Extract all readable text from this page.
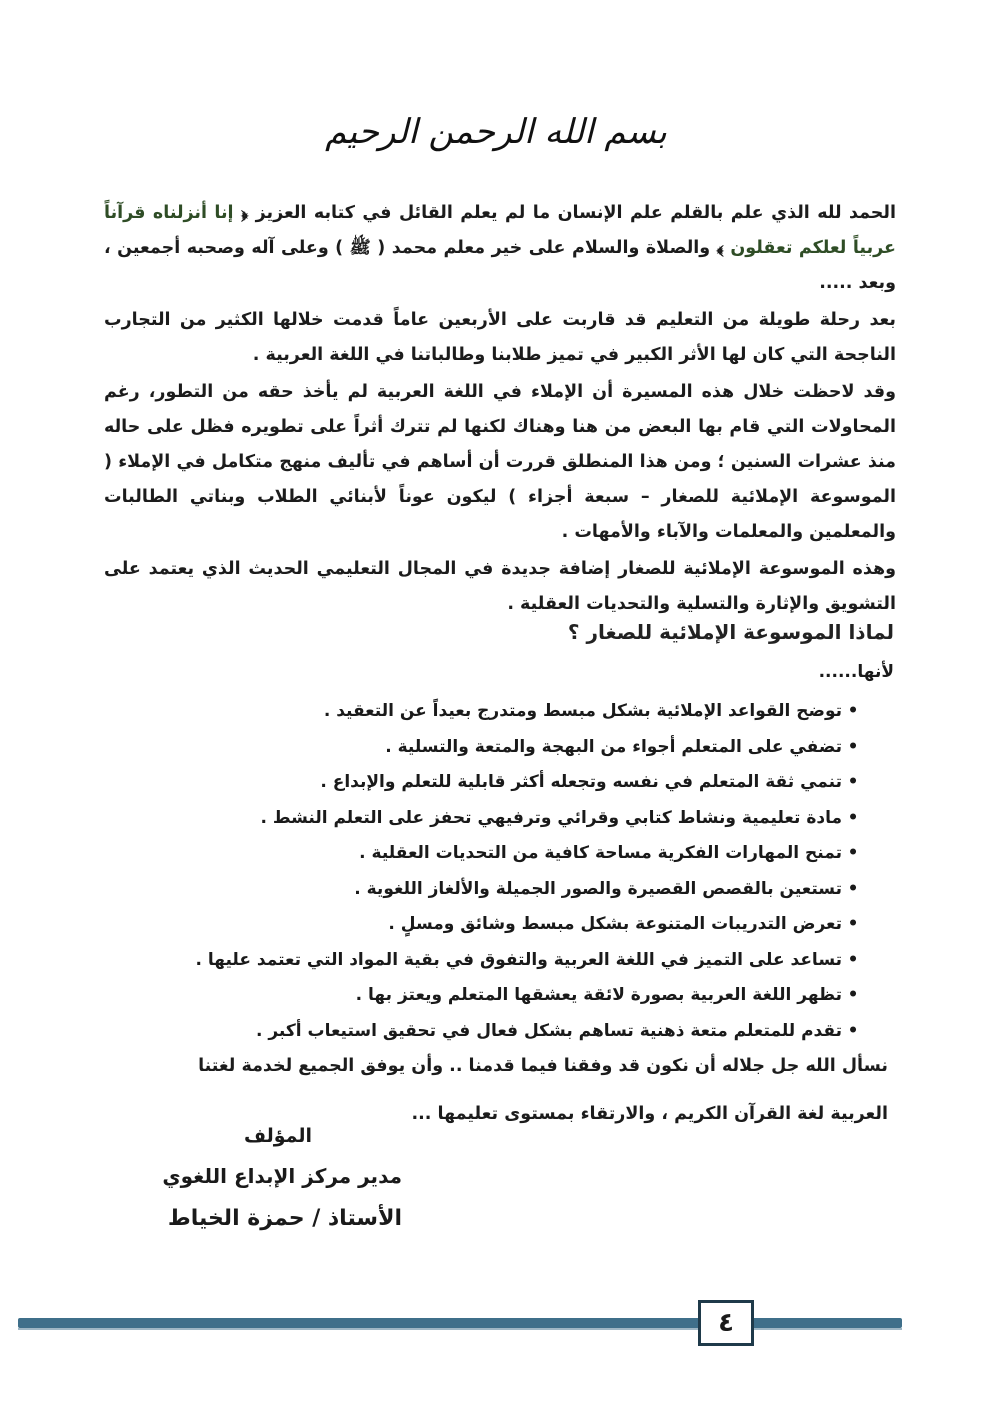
بسم الله الرحمن الرحيم

الحمد لله الذي علم بالقلم علم الإنسان ما لم يعلم القائل في كتابه العزيز ﴿ إنا أنزلناه قرآناً عربياً لعلكم تعقلون ﴾ والصلاة والسلام على خير معلم محمد ( ﷺ ) وعلى آله وصحبه أجمعين ، وبعد .....

بعد رحلة طويلة من التعليم قد قاربت على الأربعين عاماً قدمت خلالها الكثير من التجارب الناجحة التي كان لها الأثر الكبير في تميز طلابنا وطالباتنا في اللغة العربية .

وقد لاحظت خلال هذه المسيرة أن الإملاء في اللغة العربية لم يأخذ حقه من التطور، رغم المحاولات التي قام بها البعض من هنا وهناك لكنها لم تترك أثراً على تطويره فظل على حاله منذ عشرات السنين ؛ ومن هذا المنطلق قررت أن أساهم في تأليف منهج متكامل في الإملاء ( الموسوعة الإملائية للصغار – سبعة أجزاء ) ليكون عوناً لأبنائي الطلاب وبناتي الطالبات والمعلمين والمعلمات والآباء والأمهات .

وهذه الموسوعة الإملائية للصغار إضافة جديدة في المجال التعليمي الحديث الذي يعتمد على التشويق والإثارة والتسلية والتحديات العقلية .

لماذا الموسوعة الإملائية للصغار ؟
لأنها......
•توضح القواعد الإملائية بشكل مبسط ومتدرج بعيداً عن التعقيد .
•تضفي على المتعلم أجواء من البهجة والمتعة والتسلية .
•تنمي ثقة المتعلم في نفسه وتجعله أكثر قابلية للتعلم والإبداع .
•مادة تعليمية ونشاط كتابي وقرائي وترفيهي تحفز على التعلم النشط .
•تمنح المهارات الفكرية مساحة كافية من التحديات العقلية .
•تستعين بالقصص القصيرة والصور الجميلة والألغاز اللغوية .
•تعرض التدريبات المتنوعة بشكل مبسط وشائق ومسلٍ .
•تساعد على التميز في اللغة العربية والتفوق في بقية المواد التي تعتمد عليها .
•تظهر اللغة العربية بصورة لائقة يعشقها المتعلم ويعتز بها .
•تقدم للمتعلم متعة ذهنية تساهم بشكل فعال في تحقيق استيعاب أكبر .

نسأل الله جل جلاله أن نكون قد وفقنا فيما قدمنا .. وأن يوفق الجميع لخدمة لغتنا

العربية لغة القرآن الكريم ، والارتقاء بمستوى تعليمها ...

المؤلف
مدير مركز الإبداع اللغوي
الأستاذ / حمزة الخياط
٤
